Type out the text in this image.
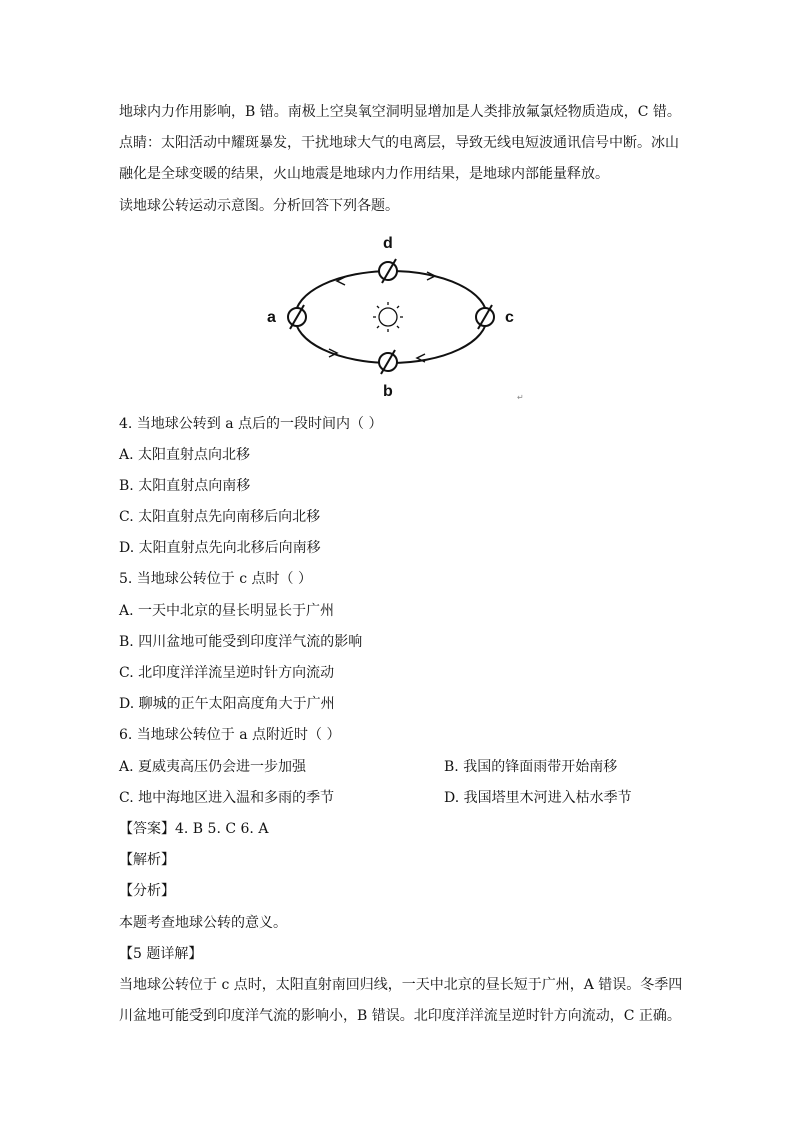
地球内力作用影响，B 错。南极上空臭氧空洞明显增加是人类排放氟氯烃物质造成，C 错。
点睛：太阳活动中耀斑暴发，干扰地球大气的电离层，导致无线电短波通讯信号中断。冰山
融化是全球变暖的结果，火山地震是地球内力作用结果，是地球内部能量释放。
读地球公转运动示意图。分析回答下列各题。
d
b
a	c
↵
4. 当地球公转到 a 点后的一段时间内（ ）
A. 太阳直射点向北移
B. 太阳直射点向南移
C. 太阳直射点先向南移后向北移
D. 太阳直射点先向北移后向南移
5. 当地球公转位于 c 点时（ ）
A. 一天中北京的昼长明显长于广州
B. 四川盆地可能受到印度洋气流的影响
C. 北印度洋洋流呈逆时针方向流动
D. 聊城的正午太阳高度角大于广州
6. 当地球公转位于 a 点附近时（ ）
A. 夏威夷高压仍会进一步加强	B. 我国的锋面雨带开始南移
C. 地中海地区进入温和多雨的季节	D. 我国塔里木河进入枯水季节
【答案】4. B 5. C 6. A
【解析】
【分析】
本题考查地球公转的意义。
【5 题详解】
当地球公转位于 c 点时，太阳直射南回归线，一天中北京的昼长短于广州，A 错误。冬季四
川盆地可能受到印度洋气流的影响小，B 错误。北印度洋洋流呈逆时针方向流动，C 正确。
